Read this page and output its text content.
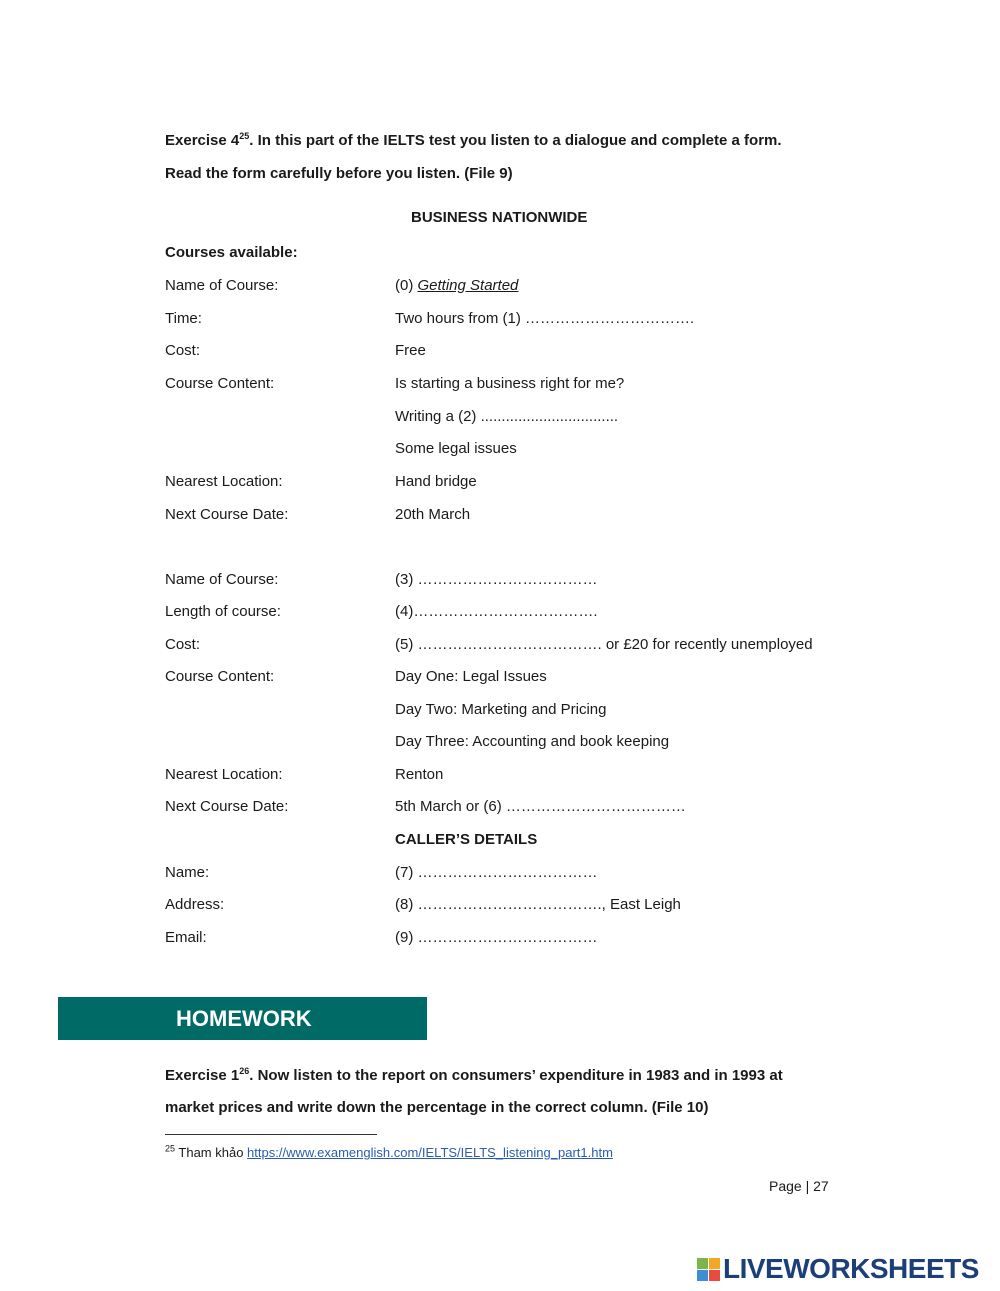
Exercise $4^{25}$. In this part of the IELTS test you listen to a dialogue and complete a form.
Read the form carefully before you listen. (File 9)
BUSINESS NATIONWIDE
Courses available:
Name of Course:	(0) Getting Started
Time:	Two hours from (1) …………………………….
Cost:	Free
Course Content:	Is starting a business right for me?
Writing a (2) .................................
Some legal issues
Nearest Location:	Hand bridge
Next Course Date:	20th March
Name of Course:	(3) ………………………………
Length of course:	(4)……………………………….
Cost:	(5) ………………………………. or £20 for recently unemployed
Course Content:	Day One: Legal Issues
Day Two: Marketing and Pricing
Day Three: Accounting and book keeping
Nearest Location:	Renton
Next Course Date:	5th March or (6) ………………………………
CALLER’S DETAILS
Name:	(7) ………………………………
Address:	(8) ………………………………., East Leigh
Email:	(9) ………………………………
HOMEWORK
Exercise $1^{26}$. Now listen to the report on consumers’ expenditure in 1983 and in 1993 at
market prices and write down the percentage in the correct column. (File 10)
$^{25}$ Tham khảo https://www.examenglish.com/IELTS/IELTS_listening_part1.htm
Page | 27
LIVEWORKSHEETS
